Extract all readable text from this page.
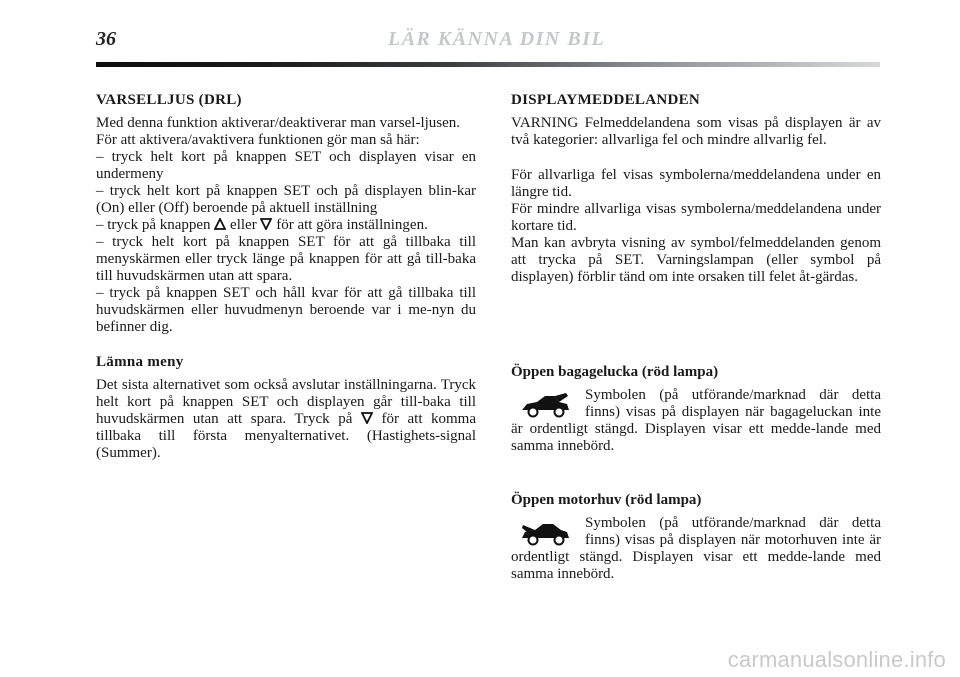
36	LÄR KÄNNA DIN BIL

VARSELLJUS (DRL)

Med denna funktion aktiverar/deaktiverar man varsel-ljusen.

För att aktivera/avaktivera funktionen gör man så här:

– tryck helt kort på knappen SET och displayen visar en undermeny

– tryck helt kort på knappen SET och på displayen blin-kar (On) eller (Off) beroende på aktuell inställning

– tryck på knappen eller för att göra inställningen.

– tryck helt kort på knappen SET för att gå tillbaka till menyskärmen eller tryck länge på knappen för att gå till-baka till huvudskärmen utan att spara.

– tryck på knappen SET och håll kvar för att gå tillbaka till huvudskärmen eller huvudmenyn beroende var i me-nyn du befinner dig.

Lämna meny

Det sista alternativet som också avslutar inställningarna. Tryck helt kort på knappen SET och displayen går till-baka till huvudskärmen utan att spara. Tryck på för att komma tillbaka till första menyalternativet. (Hastighets-signal (Summer).

DISPLAYMEDDELANDEN

VARNING Felmeddelandena som visas på displayen är av två kategorier: allvarliga fel och mindre allvarlig fel.

För allvarliga fel visas symbolerna/meddelandena under en längre tid.

För mindre allvarliga visas symbolerna/meddelandena under kortare tid.

Man kan avbryta visning av symbol/felmeddelanden genom att trycka på SET. Varningslampan (eller symbol på displayen) förblir tänd om inte orsaken till felet åt-gärdas.

Öppen bagagelucka (röd lampa)

Symbolen (på utförande/marknad där detta finns) visas på displayen när bagageluckan inte är ordentligt stängd. Displayen visar ett medde-lande med samma innebörd.

Öppen motorhuv (röd lampa)

Symbolen (på utförande/marknad där detta finns) visas på displayen när motorhuven inte är ordentligt stängd. Displayen visar ett medde-lande med samma innebörd.

carmanualsonline.info
